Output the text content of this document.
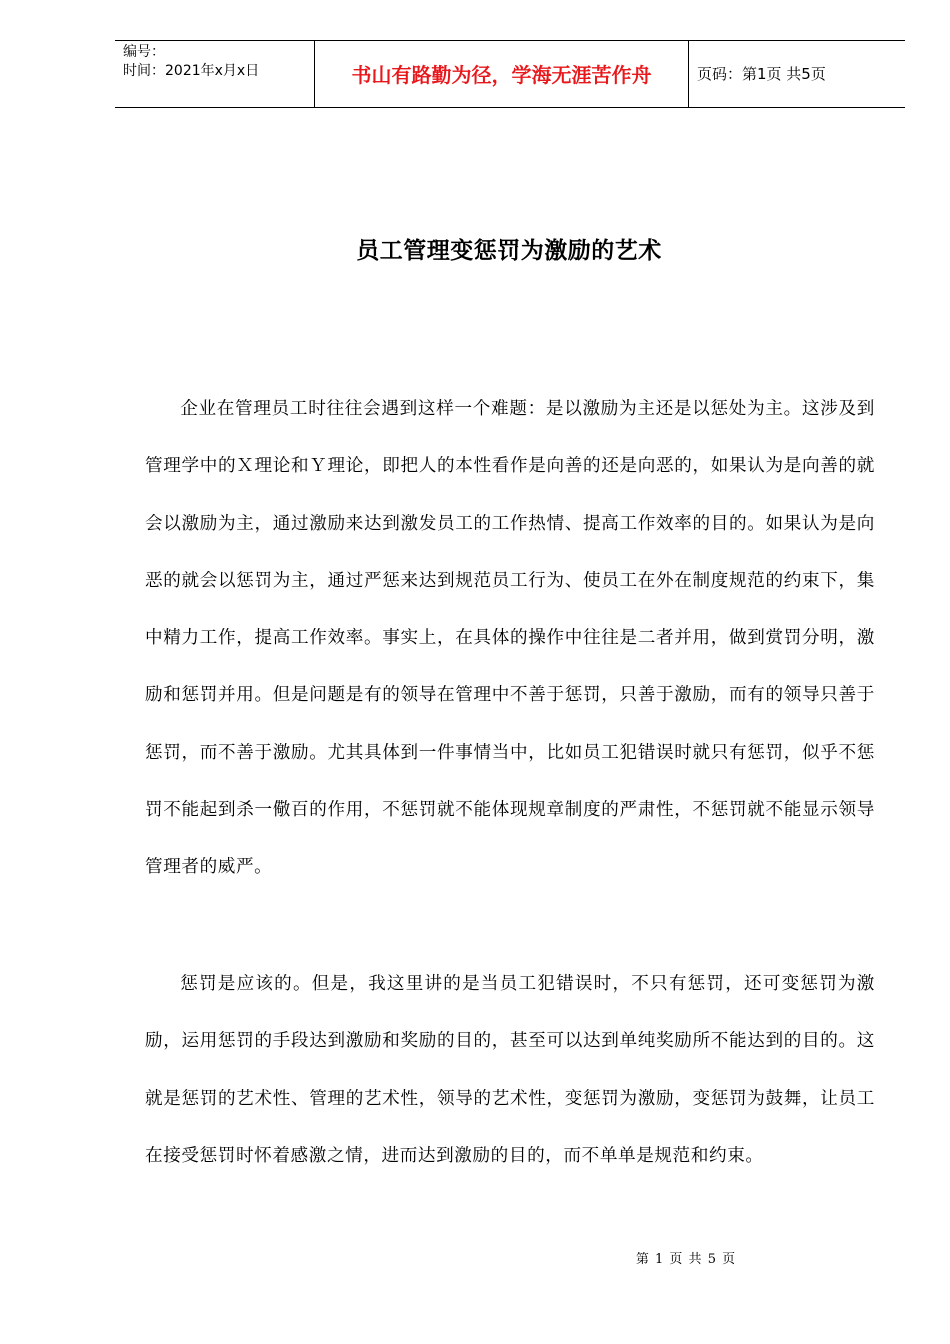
编号：
时间：2021年x月x日	书山有路勤为径，学海无涯苦作舟	页码：第1页 共5页
员工管理变惩罚为激励的艺术

企业在管理员工时往往会遇到这样一个难题：是以激励为主还是以惩处为主。这涉及到管理学中的Ｘ理论和Ｙ理论，即把人的本性看作是向善的还是向恶的，如果认为是向善的就会以激励为主，通过激励来达到激发员工的工作热情、提高工作效率的目的。如果认为是向恶的就会以惩罚为主，通过严惩来达到规范员工行为、使员工在外在制度规范的约束下，集中精力工作，提高工作效率。事实上，在具体的操作中往往是二者并用，做到赏罚分明，激励和惩罚并用。但是问题是有的领导在管理中不善于惩罚，只善于激励，而有的领导只善于惩罚，而不善于激励。尤其具体到一件事情当中，比如员工犯错误时就只有惩罚，似乎不惩罚不能起到杀一儆百的作用，不惩罚就不能体现规章制度的严肃性，不惩罚就不能显示领导管理者的威严。

惩罚是应该的。但是，我这里讲的是当员工犯错误时，不只有惩罚，还可变惩罚为激励，运用惩罚的手段达到激励和奖励的目的，甚至可以达到单纯奖励所不能达到的目的。这就是惩罚的艺术性、管理的艺术性，领导的艺术性，变惩罚为激励，变惩罚为鼓舞，让员工在接受惩罚时怀着感激之情，进而达到激励的目的，而不单单是规范和约束。

第 1 页 共 5 页
